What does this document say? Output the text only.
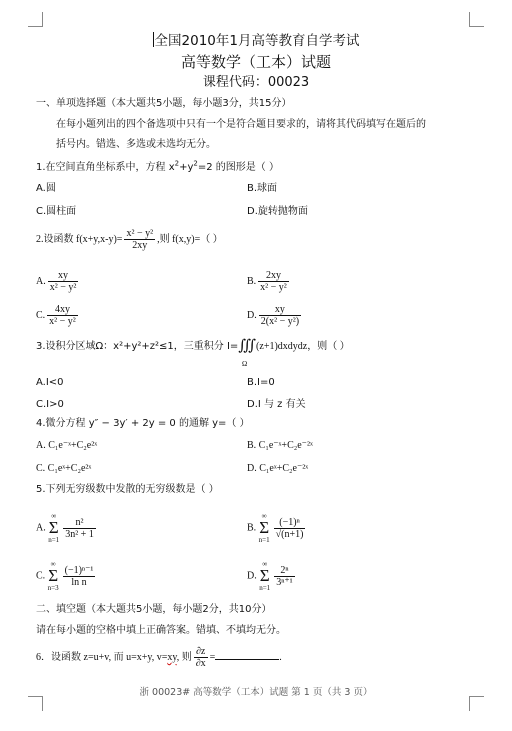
全国2010年1月高等教育自学考试
高等数学（工本）试题
课程代码：00023
一、单项选择题（本大题共5小题，每小题3分，共15分）
在每小题列出的四个备选项中只有一个是符合题目要求的，请将其代码填写在题后的
括号内。错选、多选或未选均无分。
1.在空间直角坐标系中，方程 $x^2+y^2=2$ 的图形是（ ）
A.圆	B.球面
C.圆柱面	D.旋转抛物面
2.设函数 $f(x+y,x-y)= \frac{\text{x² − y²}}{2xy}$ ,则 f(x,y)=（ ）
A. $\frac{xy}{\text{x² − y²}}$	B. $\frac{2xy}{\text{x² − y²}}$
C. $\frac{4xy}{\text{x² − y²}}$	D. $\frac{xy}{\text{2(x² − y²)}}$
3.设积分区域Ω：x²+y²+z²≤1，三重积分 I=∭ (z+1)dxdydz，则（ ）
Ω
A.I<0	B.I=0
C.I>0	D.I 与 z 有关
4.微分方程 y″ − 3y′ + 2y = 0 的通解 y=（ ）
A. C₁e⁻ˣ+C₂e²ˣ	B. C₁e⁻ˣ+C₂e⁻²ˣ
C. C₁eˣ+C₂e²ˣ	D. C₁eˣ+C₂e⁻²ˣ
5.下列无穷级数中发散的无穷级数是（ ）
A. ∞
Σ
n=1
$\frac{\text{n²}}{\text{3n² + 1}}$	B. ∞
Σ
n=1
$\frac{\text{(−1)ⁿ}}{√(n+1)}$
C. ∞
Σ
n=3
$\frac{\text{(−1)ⁿ⁻¹}}{\text{ln n}}$	D. ∞
Σ
n=1
$\frac{\text{2ⁿ}}{\text{3ⁿ⁺¹}}$
二、填空题（本大题共5小题，每小题2分，共10分）
请在每小题的空格中填上正确答案。错填、不填均无分。
6．设函数 z=u+v, 而 u=x+y, v=xy, 则 $\frac{\partial z}{\partial x}$ =	.
浙 00023# 高等数学（工本）试题 第 1 页（共 3 页）
